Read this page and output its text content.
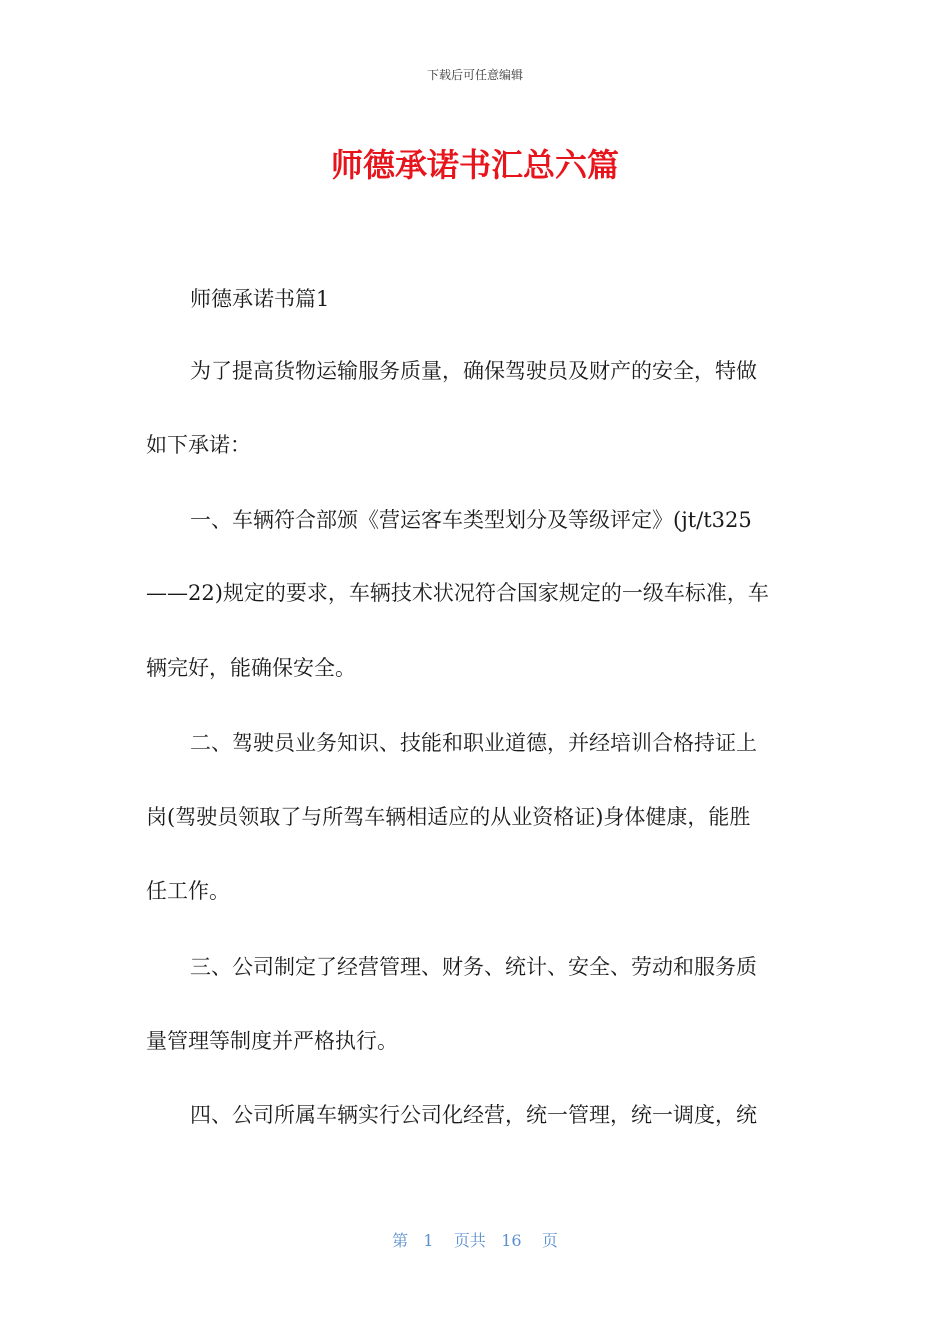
下载后可任意编辑
师德承诺书汇总六篇
师德承诺书篇1
为了提高货物运输服务质量，确保驾驶员及财产的安全，特做
如下承诺：
一、车辆符合部颁《营运客车类型划分及等级评定》(jt/t325
——22)规定的要求，车辆技术状况符合国家规定的一级车标准，车
辆完好，能确保安全。
二、驾驶员业务知识、技能和职业道德，并经培训合格持证上
岗(驾驶员领取了与所驾车辆相适应的从业资格证)身体健康，能胜
任工作。
三、公司制定了经营管理、财务、统计、安全、劳动和服务质
量管理等制度并严格执行。
四、公司所属车辆实行公司化经营，统一管理，统一调度，统
第 1 页共 16 页
